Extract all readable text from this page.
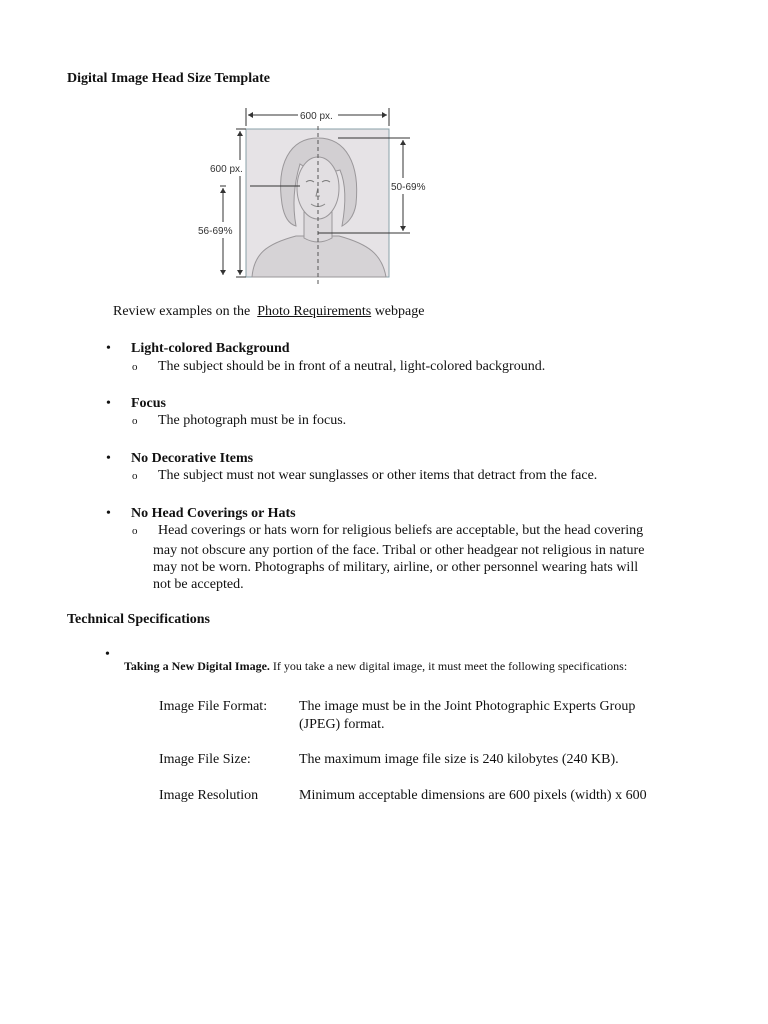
Digital Image Head Size Template
600 px.
600 px.
56-69%
50-69%
Review examples on the Photo Requirements webpage
• Light-colored Background
o The subject should be in front of a neutral, light-colored background.
• Focus
o The photograph must be in focus.
• No Decorative Items
o The subject must not wear sunglasses or other items that detract from the face.
• No Head Coverings or Hats
o Head coverings or hats worn for religious beliefs are acceptable, but the head covering
may not obscure any portion of the face. Tribal or other headgear not religious in nature
may not be worn. Photographs of military, airline, or other personnel wearing hats will
not be accepted.
Technical Specifications
•
Taking a New Digital Image. If you take a new digital image, it must meet the following specifications:
Image File Format: The image must be in the Joint Photographic Experts Group
(JPEG) format.
Image File Size:	The maximum image file size is 240 kilobytes (240 KB).
Image Resolution	Minimum acceptable dimensions are 600 pixels (width) x 600
